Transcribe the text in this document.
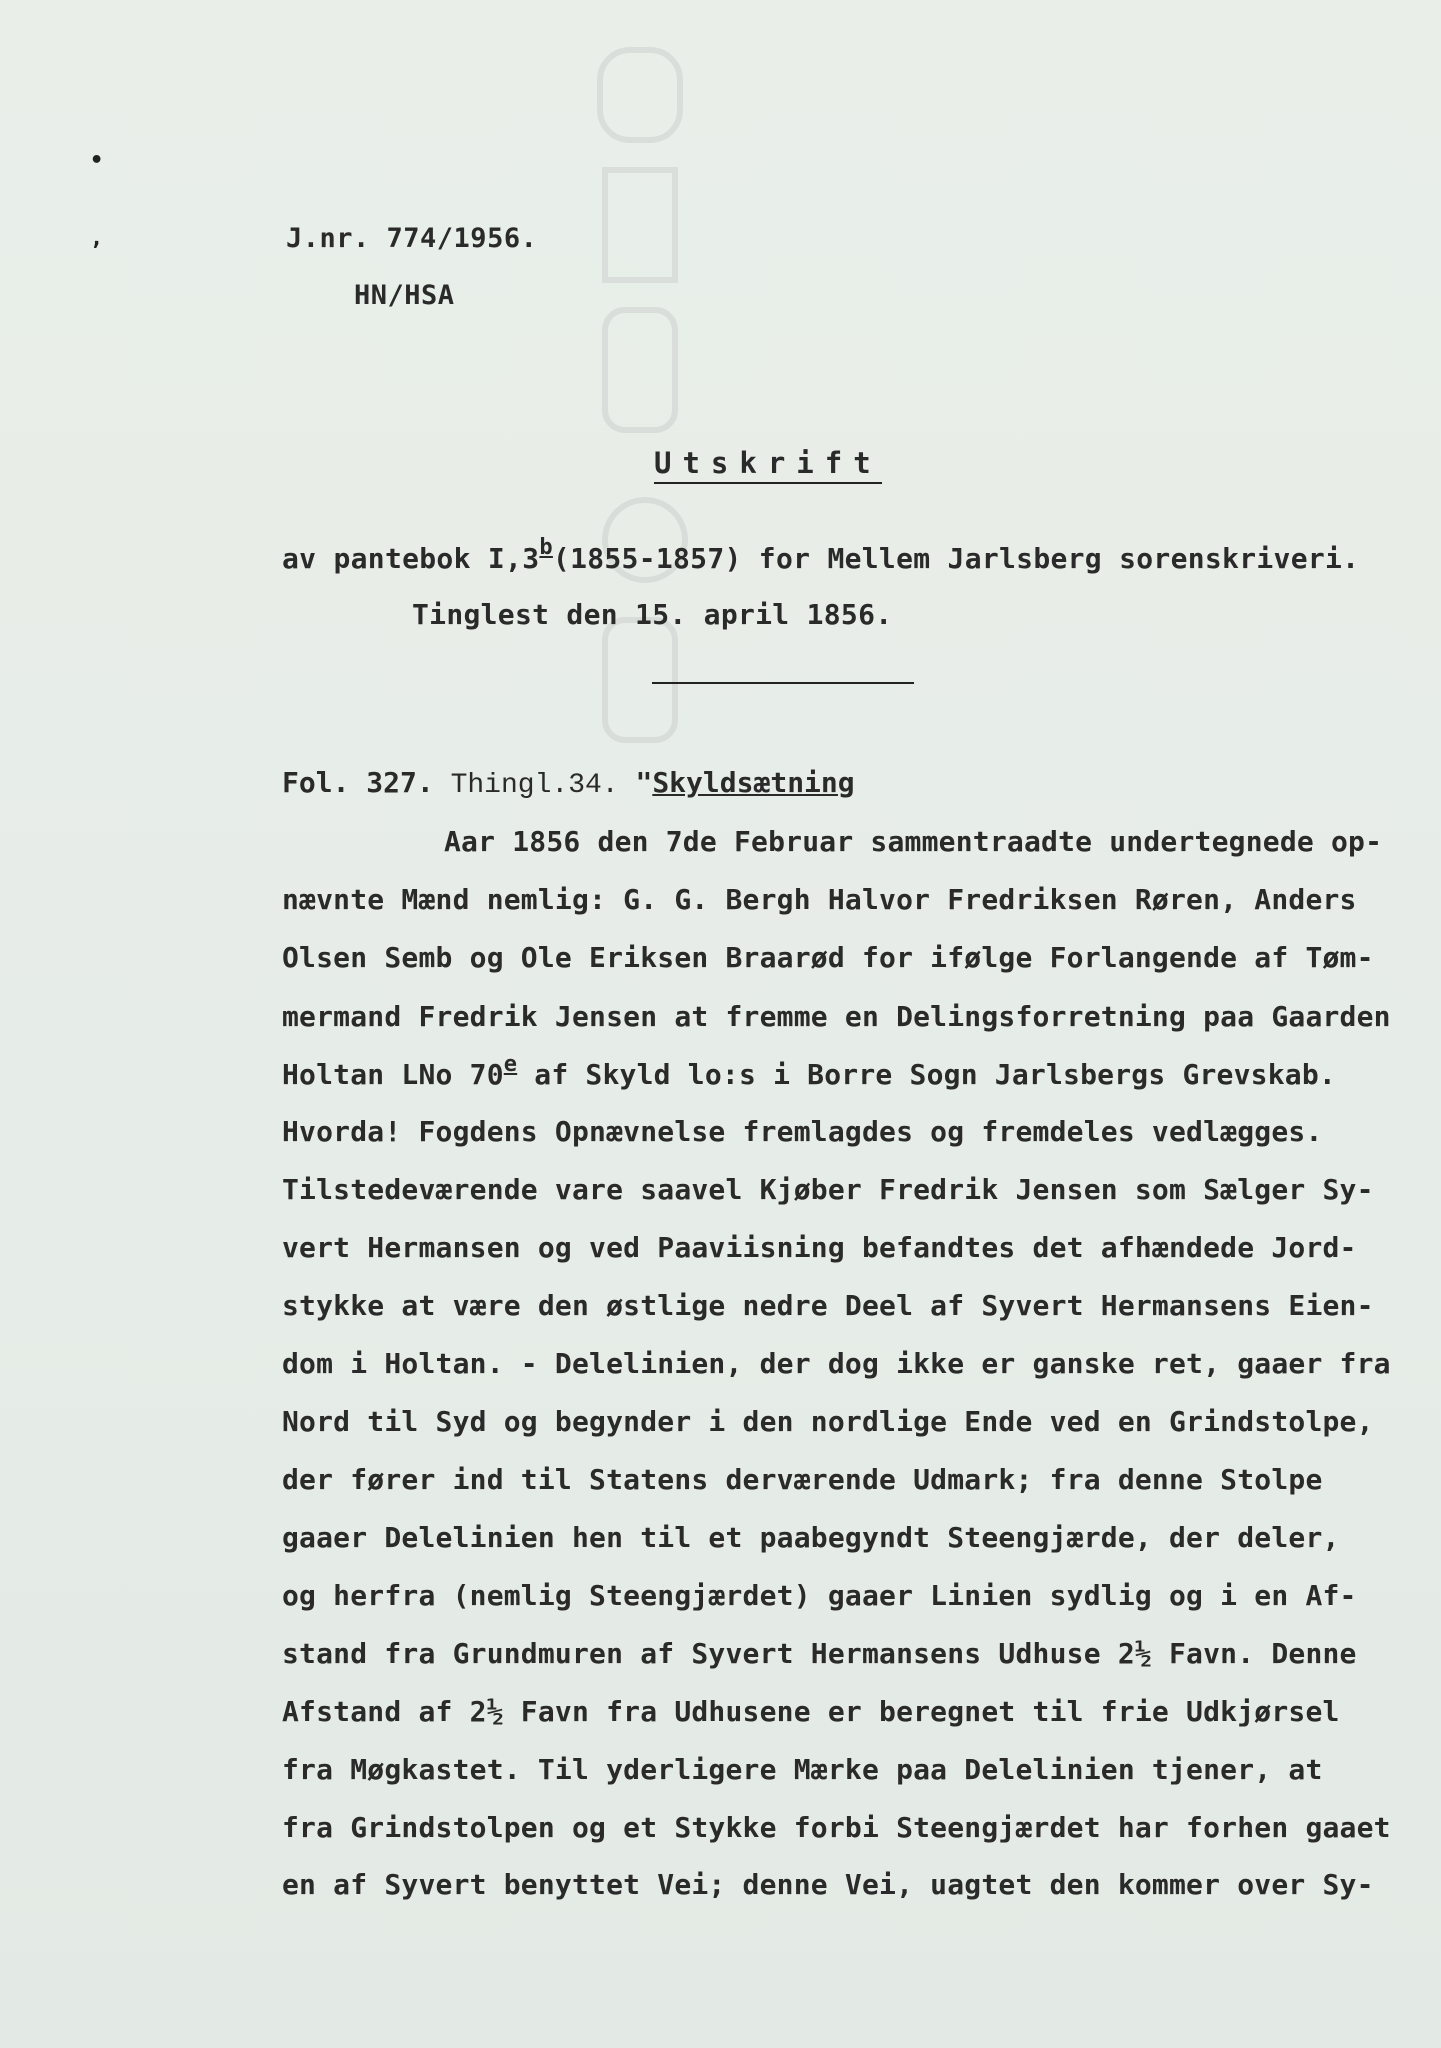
•
,	J.nr. 774/1956.
HN/HSA
Utskrift
av pantebok I,3$^b$(1855-1857) for Mellem Jarlsberg sorenskriveri.
Tinglest den 15. april 1856.
Fol. 327. Thingl.34. "Skyldsætning
Aar 1856 den 7de Februar sammentraadte undertegnede op-
nævnte Mænd nemlig: G. G. Bergh Halvor Fredriksen Røren, Anders
Olsen Semb og Ole Eriksen Braarød for ifølge Forlangende af Tøm-
mermand Fredrik Jensen at fremme en Delingsforretning paa Gaarden
Holtan LNo 70e af Skyld lo:s i Borre Sogn Jarlsbergs Grevskab.
Hvorda! Fogdens Opnævnelse fremlagdes og fremdeles vedlægges.
Tilstedeværende vare saavel Kjøber Fredrik Jensen som Sælger Sy-
vert Hermansen og ved Paaviisning befandtes det afhændede Jord-
stykke at være den østlige nedre Deel af Syvert Hermansens Eien-
dom i Holtan. - Delelinien, der dog ikke er ganske ret, gaaer fra
Nord til Syd og begynder i den nordlige Ende ved en Grindstolpe,
der fører ind til Statens derværende Udmark; fra denne Stolpe
gaaer Delelinien hen til et paabegyndt Steengjærde, der deler,
og herfra (nemlig Steengjærdet) gaaer Linien sydlig og i en Af-
stand fra Grundmuren af Syvert Hermansens Udhuse 2½ Favn. Denne
Afstand af 2½ Favn fra Udhusene er beregnet til frie Udkjørsel
fra Møgkastet. Til yderligere Mærke paa Delelinien tjener, at
fra Grindstolpen og et Stykke forbi Steengjærdet har forhen gaaet
en af Syvert benyttet Vei; denne Vei, uagtet den kommer over Sy-
